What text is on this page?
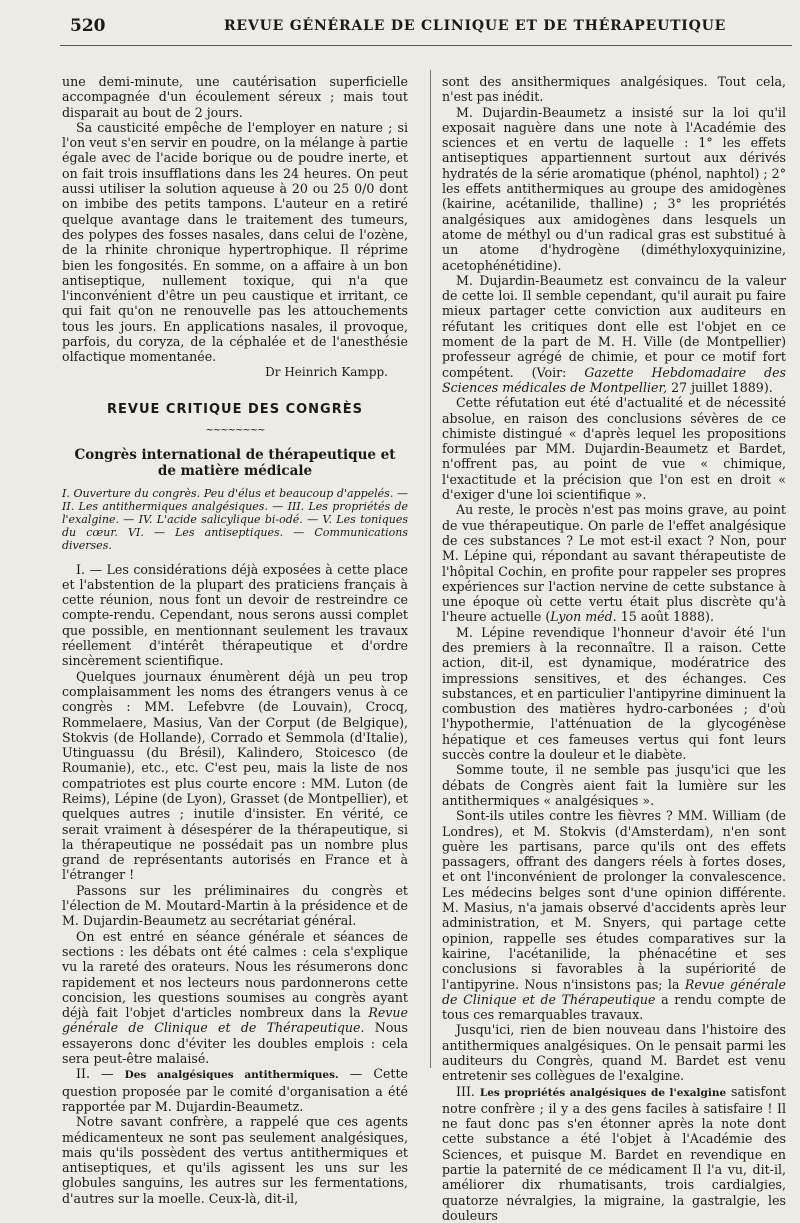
520	REVUE GÉNÉRALE DE CLINIQUE ET DE THÉRAPEUTIQUE

une demi-minute, une cautérisation superficielle accompagnée d'un écoulement séreux ; mais tout disparait au bout de 2 jours.

Sa causticité empêche de l'employer en nature ; si l'on veut s'en servir en poudre, on la mélange à partie égale avec de l'acide borique ou de poudre inerte, et on fait trois insufflations dans les 24 heures. On peut aussi utiliser la solution aqueuse à 20 ou 25 0/0 dont on imbibe des petits tampons. L'auteur en a retiré quelque avantage dans le traitement des tumeurs, des polypes des fosses nasales, dans celui de l'ozène, de la rhinite chronique hypertrophique. Il réprime bien les fongosités. En somme, on a affaire à un bon antiseptique, nullement toxique, qui n'a que l'inconvénient d'être un peu caustique et irritant, ce qui fait qu'on ne renouvelle pas les attouchements tous les jours. En applications nasales, il provoque, parfois, du coryza, de la céphalée et de l'anesthésie olfactique momentanée.

Dr Heinrich Kampp.

REVUE CRITIQUE DES CONGRÈS
~~~~~~~~
Congrès international de thérapeutique et de matière médicale

I. Ouverture du congrès. Peu d'élus et beaucoup d'appelés. — II. Les antithermiques analgésiques. — III. Les propriétés de l'exalgine. — IV. L'acide salicylique bi-odé. — V. Les toniques du cœur. VI. — Les antiseptiques. — Communications diverses.

I. — Les considérations déjà exposées à cette place et l'abstention de la plupart des praticiens français à cette réunion, nous font un devoir de restreindre ce compte-rendu. Cependant, nous serons aussi complet que possible, en mentionnant seulement les travaux réellement d'intérêt thérapeutique et d'ordre sincèrement scientifique.

Quelques journaux énumèrent déjà un peu trop complaisamment les noms des étrangers venus à ce congrès : MM. Lefebvre (de Louvain), Crocq, Rommelaere, Masius, Van der Corput (de Belgique), Stokvis (de Hollande), Corrado et Semmola (d'Italie), Utinguassu (du Brésil), Kalindero, Stoicesco (de Roumanie), etc., etc. C'est peu, mais la liste de nos compatriotes est plus courte encore : MM. Luton (de Reims), Lépine (de Lyon), Grasset (de Montpellier), et quelques autres ; inutile d'insister. En vérité, ce serait vraiment à désespérer de la thérapeutique, si la thérapeutique ne possédait pas un nombre plus grand de représentants autorisés en France et à l'étranger !

Passons sur les préliminaires du congrès et l'élection de M. Moutard-Martin à la présidence et de M. Dujardin-Beaumetz au secrétariat général.

On est entré en séance générale et séances de sections : les débats ont été calmes : cela s'explique vu la rareté des orateurs. Nous les résumerons donc rapidement et nos lecteurs nous pardonnerons cette concision, les questions soumises au congrès ayant déjà fait l'objet d'articles nombreux dans la Revue générale de Clinique et de Thérapeutique. Nous essayerons donc d'éviter les doubles emplois : cela sera peut-être malaisé.

II. — Des analgésiques antithermiques. — Cette question proposée par le comité d'organisation a été rapportée par M. Dujardin-Beaumetz.

Notre savant confrère, a rappelé que ces agents médicamenteux ne sont pas seulement analgésiques, mais qu'ils possèdent des vertus antithermiques et antiseptiques, et qu'ils agissent les uns sur les globules sanguins, les autres sur les fermentations, d'autres sur la moelle. Ceux-là, dit-il,

sont des ansithermiques analgésiques. Tout cela, n'est pas inédit.

M. Dujardin-Beaumetz a insisté sur la loi qu'il exposait naguère dans une note à l'Académie des sciences et en vertu de laquelle : 1° les effets antiseptiques appartiennent surtout aux dérivés hydratés de la série aromatique (phénol, naphtol) ; 2° les effets antithermiques au groupe des amidogènes (kairine, acétanilide, thalline) ; 3° les propriétés analgésiques aux amidogènes dans lesquels un atome de méthyl ou d'un radical gras est substitué à un atome d'hydrogène (diméthyloxyquinizine, acetophénétidine).

M. Dujardin-Beaumetz est convaincu de la valeur de cette loi. Il semble cependant, qu'il aurait pu faire mieux partager cette conviction aux auditeurs en réfutant les critiques dont elle est l'objet en ce moment de la part de M. H. Ville (de Montpellier) professeur agrégé de chimie, et pour ce motif fort compétent. (Voir: Gazette Hebdomadaire des Sciences médicales de Montpellier, 27 juillet 1889).

Cette réfutation eut été d'actualité et de nécessité absolue, en raison des conclusions sévères de ce chimiste distingué « d'après lequel les propositions formulées par MM. Dujardin-Beaumetz et Bardet, n'offrent pas, au point de vue « chimique, l'exactitude et la précision que l'on est en droit « d'exiger d'une loi scientifique ».

Au reste, le procès n'est pas moins grave, au point de vue thérapeutique. On parle de l'effet analgésique de ces substances ? Le mot est-il exact ? Non, pour M. Lépine qui, répondant au savant thérapeutiste de l'hôpital Cochin, en profite pour rappeler ses propres expériences sur l'action nervine de cette substance à une époque où cette vertu était plus discrète qu'à l'heure actuelle (Lyon méd. 15 août 1888).

M. Lépine revendique l'honneur d'avoir été l'un des premiers à la reconnaître. Il a raison. Cette action, dit-il, est dynamique, modératrice des impressions sensitives, et des échanges. Ces substances, et en particulier l'antipyrine diminuent la combustion des matières hydro-carbonées ; d'où l'hypothermie, l'atténuation de la glycogénèse hépatique et ces fameuses vertus qui font leurs succès contre la douleur et le diabète.

Somme toute, il ne semble pas jusqu'ici que les débats de Congrès aient fait la lumière sur les antithermiques « analgésiques ».

Sont-ils utiles contre les fièvres ? MM. William (de Londres), et M. Stokvis (d'Amsterdam), n'en sont guère les partisans, parce qu'ils ont des effets passagers, offrant des dangers réels à fortes doses, et ont l'inconvénient de prolonger la convalescence. Les médecins belges sont d'une opinion différente. M. Masius, n'a jamais observé d'accidents après leur administration, et M. Snyers, qui partage cette opinion, rappelle ses études comparatives sur la kairine, l'acétanilide, la phénacétine et ses conclusions si favorables à la supériorité de l'antipyrine. Nous n'insistons pas; la Revue générale de Clinique et de Thérapeutique a rendu compte de tous ces remarquables travaux.

Jusqu'ici, rien de bien nouveau dans l'histoire des antithermiques analgésiques. On le pensait parmi les auditeurs du Congrès, quand M. Bardet est venu entretenir ses collègues de l'exalgine.

III. Les propriétés analgésiques de l'exalgine satisfont notre confrère ; il y a des gens faciles à satisfaire ! Il ne faut donc pas s'en étonner après la note dont cette substance a été l'objet à l'Académie des Sciences, et puisque M. Bardet en revendique en partie la paternité de ce médicament Il l'a vu, dit-il, améliorer dix rhumatisants, trois cardialgies, quatorze névralgies, la migraine, la gastralgie, les douleurs
